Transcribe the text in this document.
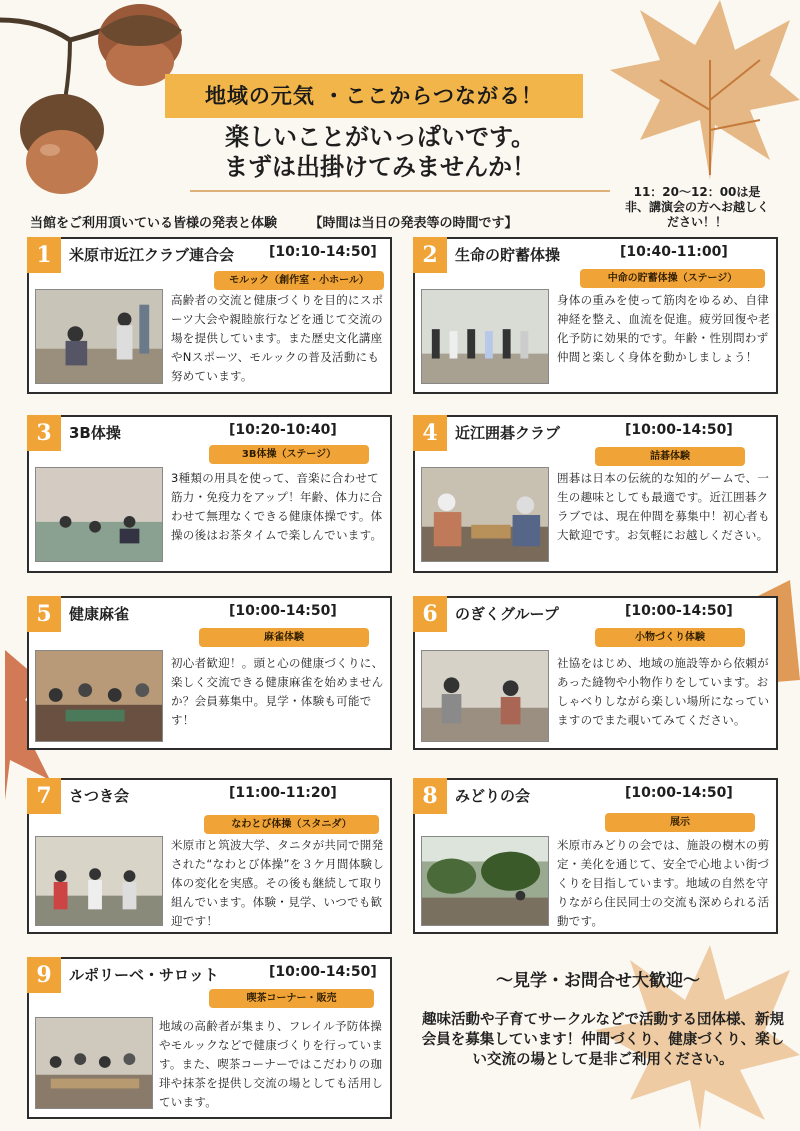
地域の元気 ・ここからつながる！
楽しいことがいっぱいです。
まずは出掛けてみませんか！
11：20〜12：00は是非、講演会の方へお越しください！！
当館をご利用頂いている皆様の発表と体験	【時間は当日の発表等の時間です】
1	米原市近江クラブ連合会 [10:10-14:50]
モルック（創作室・小ホール）
高齢者の交流と健康づくりを目的にスポーツ大会や親睦旅行などを通じて交流の場を提供しています。また歴史文化講座やNスポーツ、モルックの普及活動にも努めています。
2	生命の貯蓄体操	[10:40-11:00]
中命の貯蓄体操（ステージ）
身体の重みを使って筋肉をゆるめ、自律神経を整え、血流を促進。疲労回復や老化予防に効果的です。年齢・性別問わず仲間と楽しく身体を動かしましょう！
3	3B体操	[10:20-10:40]
3B体操（ステージ）
3種類の用具を使って、音楽に合わせて筋力・免疫力をアップ！年齢、体力に合わせて無理なくできる健康体操です。体操の後はお茶タイムで楽しんでいます。
4	近江囲碁クラブ	[10:00-14:50]
詰碁体験
囲碁は日本の伝統的な知的ゲームで、一生の趣味としても最適です。近江囲碁クラブでは、現在仲間を募集中！初心者も大歓迎です。お気軽にお越しください。
5	健康麻雀	[10:00-14:50]
麻雀体験
初心者歓迎！。頭と心の健康づくりに、楽しく交流できる健康麻雀を始めませんか？会員募集中。見学・体験も可能です！
6	のぎくグループ	[10:00-14:50]
小物づくり体験
社協をはじめ、地域の施設等から依頼があった縫物や小物作りをしています。おしゃべりしながら楽しい場所になっていますのでまた覗いてみてください。
7	さつき会	[11:00-11:20]
なわとび体操（スタニダ）
米原市と筑波大学、タニタが共同で開発された“なわとび体操”を３ケ月間体験し体の変化を実感。その後も継続して取り組んでいます。体験・見学、いつでも歓迎です！
8	みどりの会	[10:00-14:50]
展示
米原市みどりの会では、施設の樹木の剪定・美化を通じて、安全で心地よい街づくりを目指しています。地域の自然を守りながら住民同士の交流も深められる活動です。
9	ルポリーベ・サロット	[10:00-14:50]
喫茶コーナー・販売
地域の高齢者が集まり、フレイル予防体操やモルックなどで健康づくりを行っています。また、喫茶コーナーではこだわりの珈琲や抹茶を提供し交流の場としても活用しています。
〜見学・お問合せ大歓迎〜
趣味活動や子育てサークルなどで活動する団体様、新規会員を募集しています！仲間づくり、健康づくり、楽しい交流の場として是非ご利用ください。
